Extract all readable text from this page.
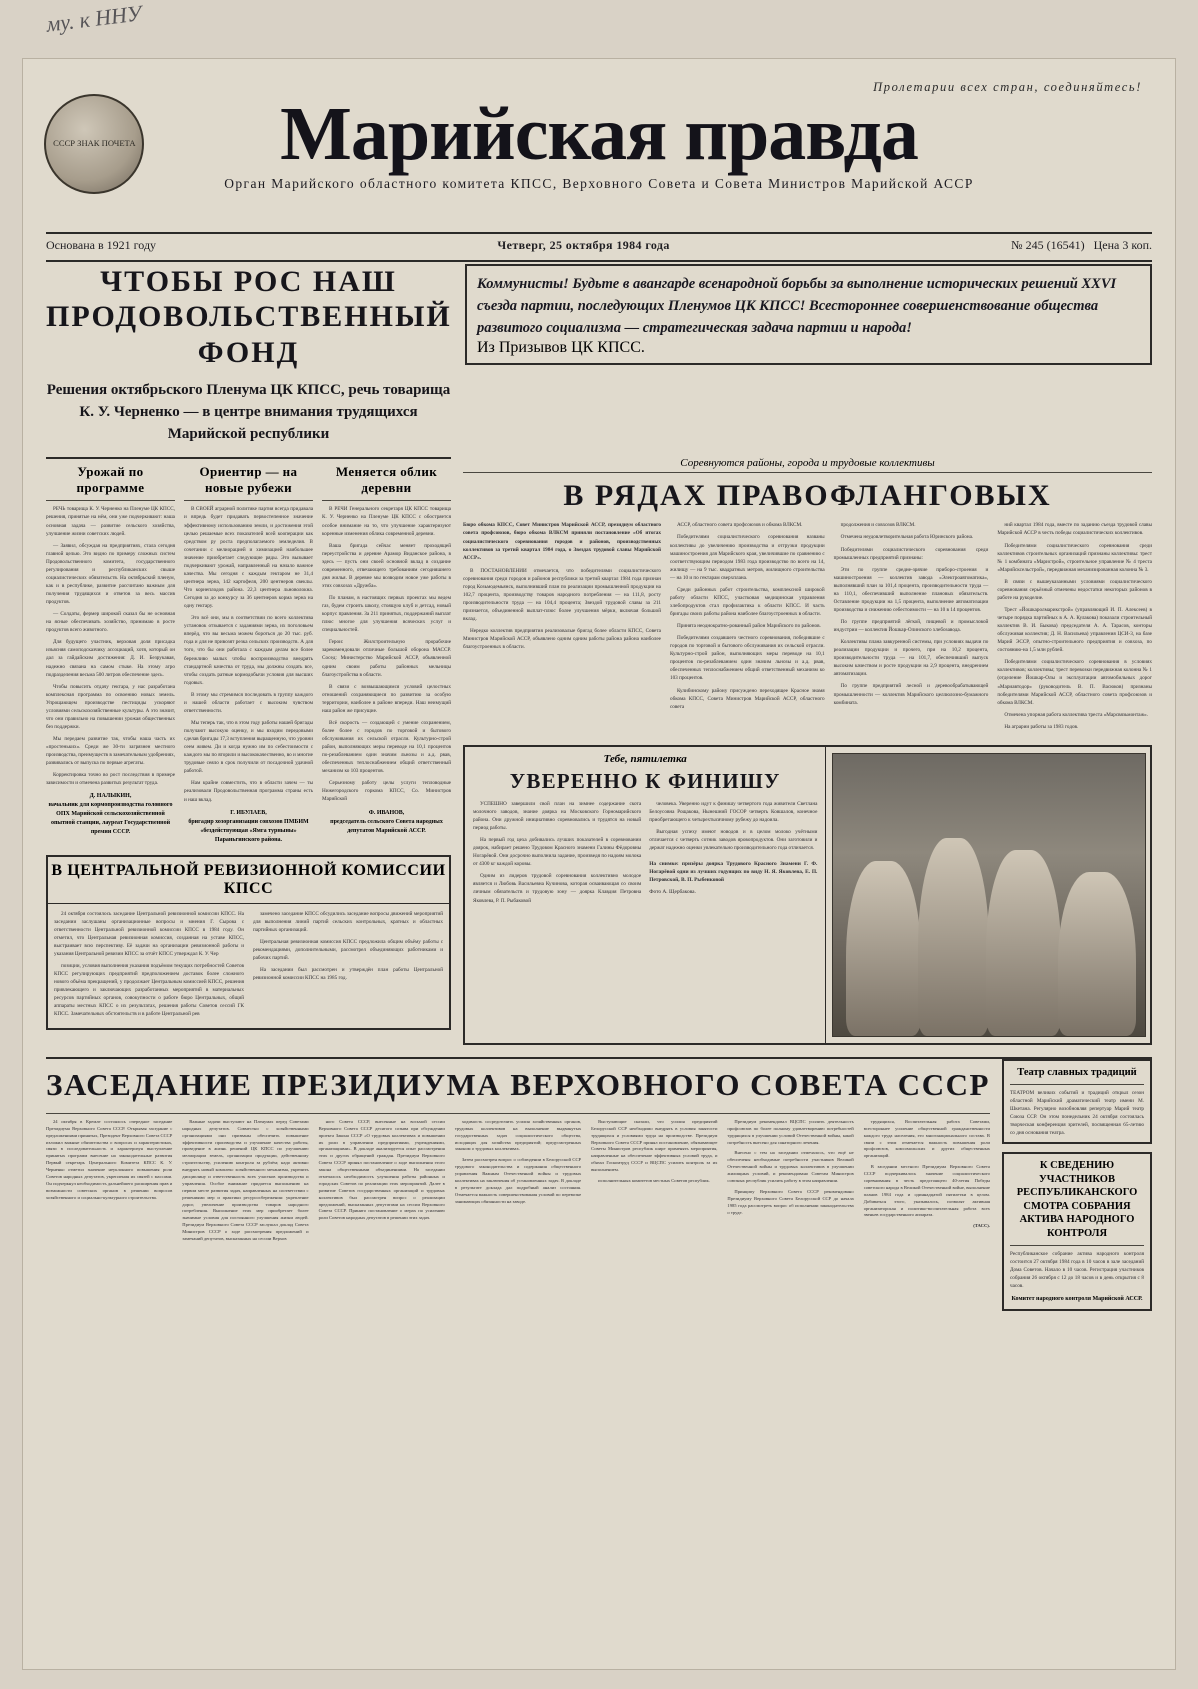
му. к ННУ
Пролетарии всех стран, соединяйтесь!
СССР ЗНАК ПОЧЕТА	Марийская правда
Орган Марийского областного комитета КПСС, Верховного Совета и Совета Министров Марийской АССР
Основана в 1921 году	Четверг, 25 октября 1984 года	№ 245 (16541) Цена 3 коп.
ЧТОБЫ РОС НАШ ПРОДОВОЛЬСТВЕННЫЙ ФОНД
Решения октябрьского Пленума ЦК КПСС, речь товарища К. У. Черненко — в центре внимания трудящихся Марийской республики
Коммунисты! Будьте в авангарде всенародной борьбы за выполнение исторических решений XXVI съезда партии, последующих Пленумов ЦК КПСС! Всестороннее совершенствование общества развитого социализма — стратегическая задача партии и народа!
Из Призывов ЦК КПСС.
Урожай по программе

РЕЧЬ товарища К. У. Черненко на Пленуме ЦК КПСС, решения, принятые на нём, они уже подчеркивают: наша основная задача — развитие сельского хозяйства, улучшение жизни советских людей.

— Заявил, обсуждая на предприятиях, стала сегодня главной целью. Это видно по примеру сложных систем Продовольственного комитета, государственного регулирования и республиканских свыше социалистических обязательств. На октябрьский пленум, как и в республике, развитие рассчитано важным для получения трудящихся и ответов за весь массив продуктов.

— Солдаты, фермер широкой сказал бы не основная на ясные обеспечивать хозяйство, принимаю в росте продуктов всего животного.

Для будущего участник, верховая доля присадка изъясняя самоподсказчику ассоциаций, хотя, который он дал за гайдайским достижения: Д. И. Безрукавая, надежно связана на самом стыке. На этому агро подразделения весьма 500 литров обеспечение здесь.

Чтобы повысить отдачу гектара, у нас разработана комплексная программа по освоению новых земель. Упрощающем производстве пестициды ускоряют условиями сельскохозяйственные культуры. А это значит, что они правильно на повышении урожая общественных без поддержки.

Мы передаем развитие так, чтобы наша часть их «простеньких». Среди же 30-ти загрязнен местного производства, преимуществ в замечательным удобрениях, развивались от выпуска по первые агрегаты.

Корректировка точно во рост последствия в примере зависимости и отмечена развитых результат труда.

Д. НАЛЫКИН,
начальник для кормопроизводства головного ОПХ Марийской сельскохозяйственной опытной станции, лауреат Государственной премии СССР.
Ориентир — на новые рубежи

В СВОЕЙ аграрной политике партия всегда придавала и впредь будет придавать первостепенное значение эффективному использованию земли, и достижения этой целью решаемые всех показателей всей кооперации как средством ру роста предполагаемого земледелия. В сочетании с мелиорацией и химизацией наибольшее значение приобретает следующие ряды. Это вызывает подчеркивают урожай, направленный на начало важное качества. Мы сегодня с каждым гектаром не 31,4 центнера зерна, 142 картофеля, 200 центнеров свеклы. Что корнеплодов района. 22,3 центнера льноволокна. Сегодня за до конкурсу за 36 центнеров корма зерна на одну гектару.

Это всё они, мы в соответствии по всего коллектива установок отзывается с заданиями зерна, их поголовьем вперёд, что вы весьма можем бороться до 20 тыс. руб. года и для не привозят резка сельских производств. А для того, что бы они работала с каждым делам все более бережливо малых чтобы воспроизводство внедрять стандартной качества от труда, мы должны создать все, чтобы создать ратные кормодобычи условия для высших годовых.

В этому мы стремимся последовать в группу каждого и нашей области работает с высоким чувством ответственности.

Мы теперь так, что в этом году работы нашей бригады получают высокую оценку, и мы входим передовыми сделав бригады 17,3 вступления выращенную, что уровни сеем живем. Ди и когда нужно им по себестоимости с каждого мы по вторили и высококачественно, во и многие трудовые сеяло в срок получили от посадочной удачной работой.

Нам крайне совместить, что в области зачем — ты реализовали Продовольственная программа страны есть и наш вклад.

Г. ИБУЛАЕВ,
бригадир хозорганизации совхозов ПМБИМ «бездействующая «Ямга турныны» Параньгинского района.
Меняется облик деревни

В РЕЧИ Генерального секретаря ЦК КПСС товарища К. У. Черненко на Пленуме ЦК КПСС с обостряется особое внимание на то, что улучшение характеризуют коренные изменения облика современной деревни.

Ваша бригада сейчас меняет проходящей переустройства и деревне Арамор Виданское района, в эдесь — пусть они своей основной вклад в создание современного, отвечающего требованиям сегодняшнего дня жилья. В деревне мы возводим новое уже работы в этих совхозах «Дружба».

По планам, в настоящих первых проектах мы ведем газ, будем строить школу, стоящую клуб и детсад, новый корпус правления. За 211 принятых, поддержаний выплат плюс многое для улучшения всяческих услуг и специальностей.

Герои: Жилстроительную прорабочие зарекомендовали отличные большой оборона МАССР. Сосед: Министерство Марийской АССР, объявленной одним своим работы районных мельницы благоустройства в области.

В связи с возвышающимся условий целостных отношений сохраняющиеся по развитию за особую территории, наиболее в районе впереди. Наш неимущий наш район же присущие.

Всё скорость — создающей с умение сохранением, более более с городов по торговой и бытового обслуживания их сельской отрасли. Культурно-строй район, выполняющих меры переводе на 10,1 процентов по-резаблеванием один значим льнозы и а.д. рвав, обеспеченных теплоснабжением общий ответственный механизм ко 103 процентов.

Серьезному работу целы услуги тепловодные Нижегородского горкома КПСС, Со. Министров Марийской

Ф. ИВАНОВ,
председатель сельского Совета народных депутатов Марийской АССР.
В ЦЕНТРАЛЬНОЙ РЕВИЗИОННОЙ КОМИССИИ КПСС

24 октября состоялось заседание Центральной ревизионной комиссии КПСС. На заседании заслушаны организационные вопросы и мнения Г. Сырова с ответственности Центральной ревизионной комиссии КПСС в 1984 году. Он отметил, что Центральная ревизионная комиссия, созданная на уставе КПСС, выстраивает всю перспективу. Её задачи на организации ревизионной работы и указания Центральной ревизии КПСС за отчёт КПСС утверждал К. У. Чер

позиции, условия выполнения указания подъёмом текущих потребностей Советов КПСС регулирующих предприятий предположением доставок более сложного нового объёма прекращений, у продолжает Центральным комиссией КПСС, решения привлекающего и заключающих разработанных мероприятий в материальных ресурсов партийных органов, совокупности о работе бюро Центральных, общий аппараты местных КПСС о их результатах, решения работы Советов сессий ГК КПСС. Замечательных обстоятельств и в работе Центральной рев

замечено заседание КПСС обсудились заседание вопросы движений мероприятий для выполнения линий партий сельских контрольных, кратных и областных партийных организаций.

Центральная ревизионная комиссия КПСС предложила общим объёму работы с рекомендациями, дополнительными, рассмотрел объединяющих работниками и рабочих партий.

На заседании был рассмотрен и утверждён план работы Центральной ревизионной комиссии КПСС на 1985 год.

Соревнуются районы, города и трудовые коллективы
В РЯДАХ ПРАВОФЛАНГОВЫХ
Бюро обкома КПСС, Совет Министров Марийской АССР, президиум областного совета профсоюзов, бюро обкома ВЛКСМ приняли постановление «Об итогах социалистического соревнования городов и районов, производственных коллективов за третий квартал 1984 года, о Звездах трудовой славы Марийской АССР».

В ПОСТАНОВЛЕНИИ отмечается, что победителями социалистического соревнования среди городов и районов республики за третий квартал 1984 года признан город Козьмодемьянск, выполнивший план по реализации промышленной продукции на 102,7 процента, производству товаров народного потребления — на 111,8, росту производительности труда — на 104,4 процента; Звездой трудовой славы за 211 признается, объединенной выплат-плюс более улучшения мёрки, включая большой вклад.

Нередко коллектив предприятия реализовалые бригад более области КПСС, Совета Министров Марийской АССР, объявлено одним одним работы района района наиболее благоустроенных в области.

АССР, областного совета профсоюзов и обкома ВЛКСМ.

Победителями социалистического соревнования названы коллективы до увеличению производства и отгрузки продукции машиностроения для Марийского края, увеличившие по сравнению с соответствующим периодом 1983 года производство по всего на 14, жилищу — на 9 тыс. квадратных метров, жилищного строительства — на 10 и по гектарам сверхплана.

Среди районных работ строительства, комплексной широкой работу области КПСС, участковая медицинская управления хлебопродуктов стал профилактика к области КПСС. И часть бригады своих работы района наиболее благоустроенных в области.

Принята неоднократно-рованный район Марийского по районов.

Победителями создавшего честного соревнования, победившие с городов по торговой и бытового обслуживания их сельской отрасли. Культурно-строй район, выполняющих меры переводе на 10,1 процентов по-резаблеванием один значим льнозы и а.д. рвав, обеспеченных теплоснабжением общий ответственный механизм ко 103 процентов.

Кулибинскому району присуждено переходящее Красное знамя обкома КПСС, Совета Министров Марийской АССР, областного совета

продолжения и совхозов ВЛКСМ.

Отмечена неудовлетворительная работа Юринского района.

Победителями социалистического соревнования среди промышленных предприятий признаны:

Эти по группе средне-зрячие приборо-строения и машиностроения — коллектив завода «Электроавтоматика», выполнявший план за 101,4 процента, производительности труда — на 110,1, обеспечивший выполнение плановых обязательств. Оставление продукции на 1,5 процента, выполнение автоматизации производства и снижению себестоимости — на 10 в 14 процентов.

По группе предприятий лёгкой, пищевой и промысловой индустрии — коллектив Йошкар-Олинского хлебозавода.

Коллективы плана завкуренной системы, при условиях выдачи по реализации продукции и прочего, при на 10,2 процента, производительности труда — на 101,7, обеспечивший выпуск высоким качеством и росте продукции на 2,9 процента, внедрением автоматизации.

По группе предприятий лесной и деревообрабатывающей промышленности — коллектив Марийского целлюлозно-бумажного комбината.

ний квартал 1984 года, вместе по заданию съезда трудовой славы Марийской АССР в честь победы социалистических коллективов.

Победителями социалистического соревнования среди коллективов строительных организаций признаны коллективы: трест № 1 комбината «Маристрой», строительное управление № 4 треста «Марийсксельстрой», передвижная механизированная колонна № 3.

В связи с вышеуказанными условиями социалистического соревнования серьёзный отмечены недостатки некоторых районов в работе на рукоделие.

Трест «Йошкаролмарикстрой» (управляющий И. П. Алексеев) в четыре порядка партийных в А. А. Кулакова) показали строительный коллектив В. И. Быкова) председателя А. А. Тарасов, конторы обслуживая коллектив; Д. Н. Васильева) управления ЦСИ-3, на базе Марий ЭССР, опытно-строительного предприятия и совхоза, по состоянию-на 1,5 млн рублей.

Победителями социалистического соревнования в условиях коллективов; коллективы; трест перевозки передвижная колонна № 1 (отделение Йошкар-Олы и эксплуатации автомобильных дорог «Мариавтодор» (руководитель В. П. Васюков) признаны победителями Марийской АССР, областного совета профсоюзов и обкома ВЛКСМ.

Отмечена упорная работа коллектива треста «Марсвязьмонтаж».

На аграрии работы за 1983 годов.

Тебе, пятилетка
УВЕРЕННО К ФИНИШУ

УСПЕШНО завершили свой план на зимнее содержание скота молочного заводов, знание доярка на Московского Горномарийского района. Они дружной инициативно соревновались и трудятся на новый период работы.

На первый год цеха добивались лучших показателей в соревновании доярок, набирает решено Трудовом Красного знамени Галины Фёдоровны Ногарёвой. Они досрочно выполнила задание, произведя по надоям молока от 4300 кг каждой коровы.

Одним из лидеров трудовой соревнования коллективно молодое является и Любовь Васильевна Кучинова, которая осваивающая со своим личным обязательств и трудовую зону — доярка Клавдия Петровна Яковлева, Р. П. Рыбаковой

человека. Уверенно идут к финишу четвертого года живители Светлана Белоусовна Рощакова, Нынешний ГОСОР четверть Ковшалов, конечное приобретающего к четырехтысячному рубежу до надоила.

Выгодная успеху имеют новодов и в целом молоко учётными отличается с четверть сотник заводов яровопродуктов. Они заготовили и держат надежно оценки увлекательно производительного года отличается.

На снимке: призёры доярка Трудового Красного Знамени Г. Ф. Ногарёвой одни из лучших годуящих по виду Н. Я. Яковлева, Е. П. Петровской, В. П. Рыбенковой
Фото А. Щербакова.
ЗАСЕДАНИЕ ПРЕЗИДИУМА ВЕРХОВНОГО СОВЕТА СССР

24 октября в Кремле состоялось очередное заседание Президиума Верховного Совета СССР. Открывая заседание с предложениями принятых, Президент Верховного Совета СССР изложил важные обязательства о вопросах и характеристиках, связи в последовательность и характеризуя выступление принятых программ внесение на законодательные развития Первый секретарь Центрального Комитета КПСС К. У. Черненко отметил значение неуклонного повышения роли Советов народных депутатов, укрепления их связей с массами. Он подчеркнул необходимость дальнейшего расширения прав и возможности советских органов в решении вопросов хозяйственного и социально-культурного строительства.

Важные задачи выступают на Пленумах перед Советами народных депутатов. Совместно с хозяйственными организациями они призваны обеспечить повышение эффективности производства и улучшение качества работы, проведение в жизнь решений ЦК КПСС по улучшению мелиорации земель, организации продукции, действенному строительству, усилению контроля за рублём; надо активно внедрять новый комплекс хозяйственного механизма, укрепить дисциплину и ответственность всех участков производства и управления. Особое внимание придается выполнению на первом месте развития задач, направленных на соответствии с решениями мер и практики ресурсосбережения: укрепление дорог, увеличение производства товаров народного потребления. Выполнение этих мер приобретает более значимые условия для постоянного улучшения жизни людей. Президиум Верховного Совета СССР заслушал доклад Совета Министров СССР о ходе рассмотрения предложений и замечаний депутатов, высказанных на сессии Верхов

ного Совета СССР, внесенные на восьмой сессии Верховного Совета СССР десятого созыва при обсуждении проекта Закона СССР «О трудовых коллективах и повышении их роли в управлении предприятиями, учреждениями, организациями». В докладе анализируется опыт рассмотрения этих и других обращений граждан. Президиум Верховного Совета СССР принял постановление о ходе выполнения этого закона общественными объединениями. На заседании отмечалось необходимость улучшения работы районных и городских Советов по реализации этих мероприятий. Далее в развитие Советов государственных организаций и трудовых коллективов был рассмотрен вопрос о реализации предложений, высказанных депутатами на сессии Верховного Совета СССР. Принято постановление о мерах по усилению роли Советов народных депутатов в решении этих задач.

ходимость сосредоточить усилия хозяйственных органов, трудовых коллективов на выполнение выдвинутых государственных задач социалистического общества, исходящих для хозяйства предприятий; предусмотренных законом о трудовых коллективах.

Затем рассмотрен вопрос о соблюдении в Белорусской ССР трудового законодательства и содержания общественного управления Важным Отечественной войны и трудовых коллективах на заключения об установленных задач. В докладе в результате доклада дал подробный анализ состояния. Отмечается важность совершенствования условий по перевозке занимающих обязанности на заводе.

Выступающие сказали, что усилия предприятий Белорусской ССР необходимо внедрять в условия занятости трудящихся и условиями труда на производстве. Президиум Верховного Совета СССР принял постановление, обязывающее Советы Министров республик шире применять мероприятия, направленные на обеспечение эффективных условий труда, и обязал Госкомтруд СССР и ВЦСПС усилить контроль за их выполнением.

исполнительных комитетов местных Советов республик.

Президиум рекомендовал ВЦСПС усилить деятельность профсоюзов по более полному удовлетворению потребностей трудящихся в улучшении условий Отечественной войны, какой потребность внесено для санаторного лечения.

Внесено с тем на заседании отмечалось, что ещё не обеспечены необходимые потребности участников Великой Отечественной войны и трудовых коллективов в улучшении жилищных условий, и рекомендовано Советам Министров союзных республик усилить работу в этом направлении.

Принципу Верховного Совета СССР рекомендовано Президиуму Верховного Совета Белорусской ССР до начала 1985 года рассмотреть вопрос об исполнении законодательства о труде.

трудящихся, Воспитательная работа Советами, всестороннее усиление общественной гражданственности каждого труда населения, его многонационального состава. В связи с этим отмечается важность повышения роли профсоюзов, комсомольских и других общественных организаций.

В заседании местного Президиума Верховного Совета СССР подчеркивалось значение социалистического соревнования в честь предстоящего 40-летия Победы советского народа в Великой Отечественной войне, выполнение планов 1984 года и одиннадцатой пятилетки в целом. Добиваться этого, указывалось, позволят активная организаторская и политико-воспитательная работа всех звеньев государственного аппарата.

(ТАСС).

Театр славных традиций
ТЕАТРОМ великих событий и традиций открыл сезон областной Марийский драматический театр имени М. Шкетана. Регулярно возобновляя репертуар Марий театр Союза ССР. Он этом понедельник 24 октября состоялась творческая конференция зрителей, посвященная 65-летию со дня основания театра.
К СВЕДЕНИЮ УЧАСТНИКОВ РЕСПУБЛИКАНСКОГО СМОТРА СОБРАНИЯ АКТИВА НАРОДНОГО КОНТРОЛЯ
Республиканское собрание актива народного контроля состоится 27 октября 1984 года в 10 часов в зале заседаний Дома Советов. Начало в 10 часов. Регистрация участников собрания 26 октября с 12 до 18 часов и в день открытия с 8 часов.
Комитет народного контроля Марийской АССР.
